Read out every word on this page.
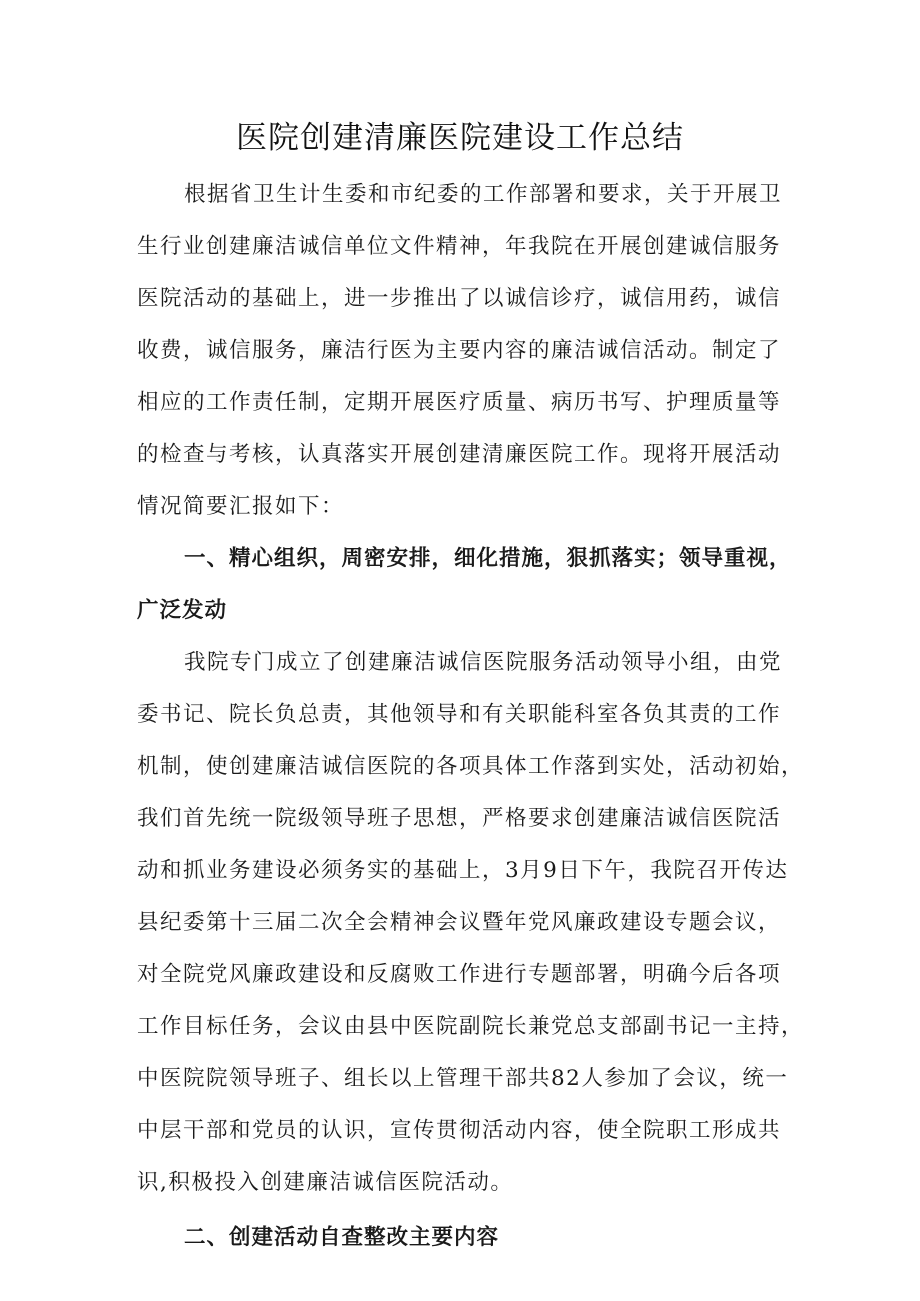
医院创建清廉医院建设工作总结

根据省卫生计生委和市纪委的工作部署和要求，关于开展卫

生行业创建廉洁诚信单位文件精神，年我院在开展创建诚信服务

医院活动的基础上，进一步推出了以诚信诊疗，诚信用药，诚信

收费，诚信服务，廉洁行医为主要内容的廉洁诚信活动。制定了

相应的工作责任制，定期开展医疗质量、病历书写、护理质量等

的检查与考核，认真落实开展创建清廉医院工作。现将开展活动

情况简要汇报如下：

一、精心组织，周密安排，细化措施，狠抓落实；领导重视，

广泛发动

我院专门成立了创建廉洁诚信医院服务活动领导小组，由党

委书记、院长负总责，其他领导和有关职能科室各负其责的工作

机制，使创建廉洁诚信医院的各项具体工作落到实处，活动初始，

我们首先统一院级领导班子思想，严格要求创建廉洁诚信医院活

动和抓业务建设必须务实的基础上，3月9日下午，我院召开传达

县纪委第十三届二次全会精神会议暨年党风廉政建设专题会议，

对全院党风廉政建设和反腐败工作进行专题部署，明确今后各项

工作目标任务，会议由县中医院副院长兼党总支部副书记一主持，

中医院院领导班子、组长以上管理干部共82人参加了会议，统一

中层干部和党员的认识，宣传贯彻活动内容，使全院职工形成共

识,积极投入创建廉洁诚信医院活动。

二、创建活动自查整改主要内容
